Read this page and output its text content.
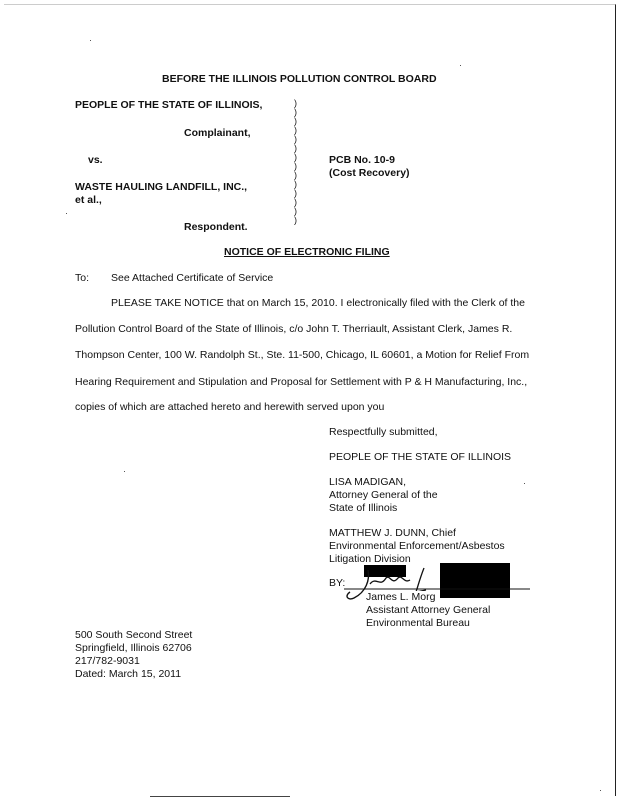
BEFORE THE ILLINOIS POLLUTION CONTROL BOARD
PEOPLE OF THE STATE OF ILLINOIS,
Complainant,
vs.
WASTE HAULING LANDFILL, INC.,
et al.,
Respondent.
)
)
)
)
)
)
)
)
)
)
)
)
)
)
PCB No. 10-9
(Cost Recovery)
NOTICE OF ELECTRONIC FILING
To: See Attached Certificate of Service
PLEASE TAKE NOTICE that on March 15, 2010. I electronically filed with the Clerk of the
Pollution Control Board of the State of Illinois, c/o John T. Therriault, Assistant Clerk, James R.
Thompson Center, 100 W. Randolph St., Ste. 11-500, Chicago, IL 60601, a Motion for Relief From
Hearing Requirement and Stipulation and Proposal for Settlement with P & H Manufacturing, Inc.,
copies of which are attached hereto and herewith served upon you
Respectfully submitted,
PEOPLE OF THE STATE OF ILLINOIS
LISA MADIGAN,
Attorney General of the
State of Illinois
MATTHEW J. DUNN, Chief
Environmental Enforcement/Asbestos
Litigation Division
BY:
James L. Morg
Assistant Attorney General
Environmental Bureau
500 South Second Street
Springfield, Illinois 62706
217/782-9031
Dated: March 15, 2011
